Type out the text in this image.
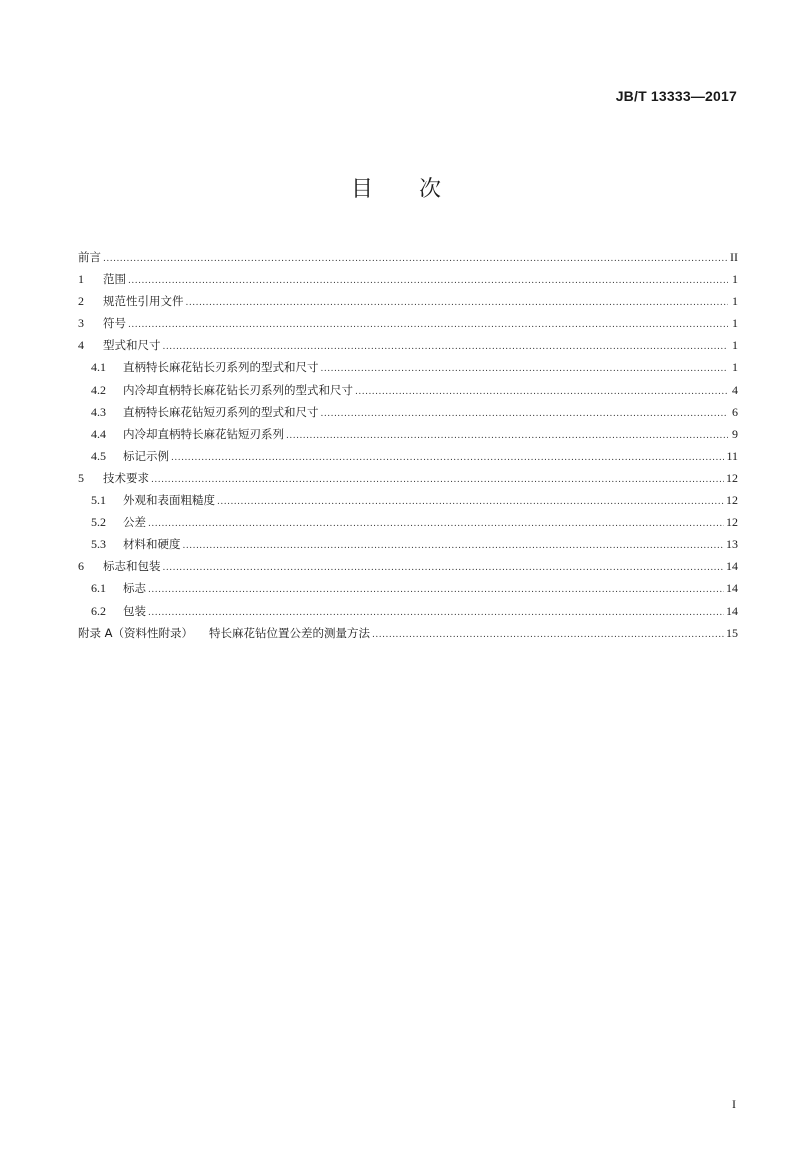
JB/T 13333—2017
目 次
前言 .....	II
1	范围 .....	1
2	规范性引用文件 .....	1
3	符号 .....	1
4	型式和尺寸 .....	1
4.1	直柄特长麻花钻长刃系列的型式和尺寸 .....	1
4.2	内冷却直柄特长麻花钻长刃系列的型式和尺寸 .....	4
4.3	直柄特长麻花钻短刃系列的型式和尺寸 .....	6
4.4	内冷却直柄特长麻花钻短刃系列 .....	9
4.5	标记示例 .....	11
5	技术要求 .....	12
5.1	外观和表面粗糙度 .....	12
5.2	公差 .....	12
5.3	材料和硬度 .....	13
6	标志和包装 .....	14
6.1	标志 .....	14
6.2	包装 .....	14
附录 A（资料性附录） 特长麻花钻位置公差的测量方法 .....	15
I
